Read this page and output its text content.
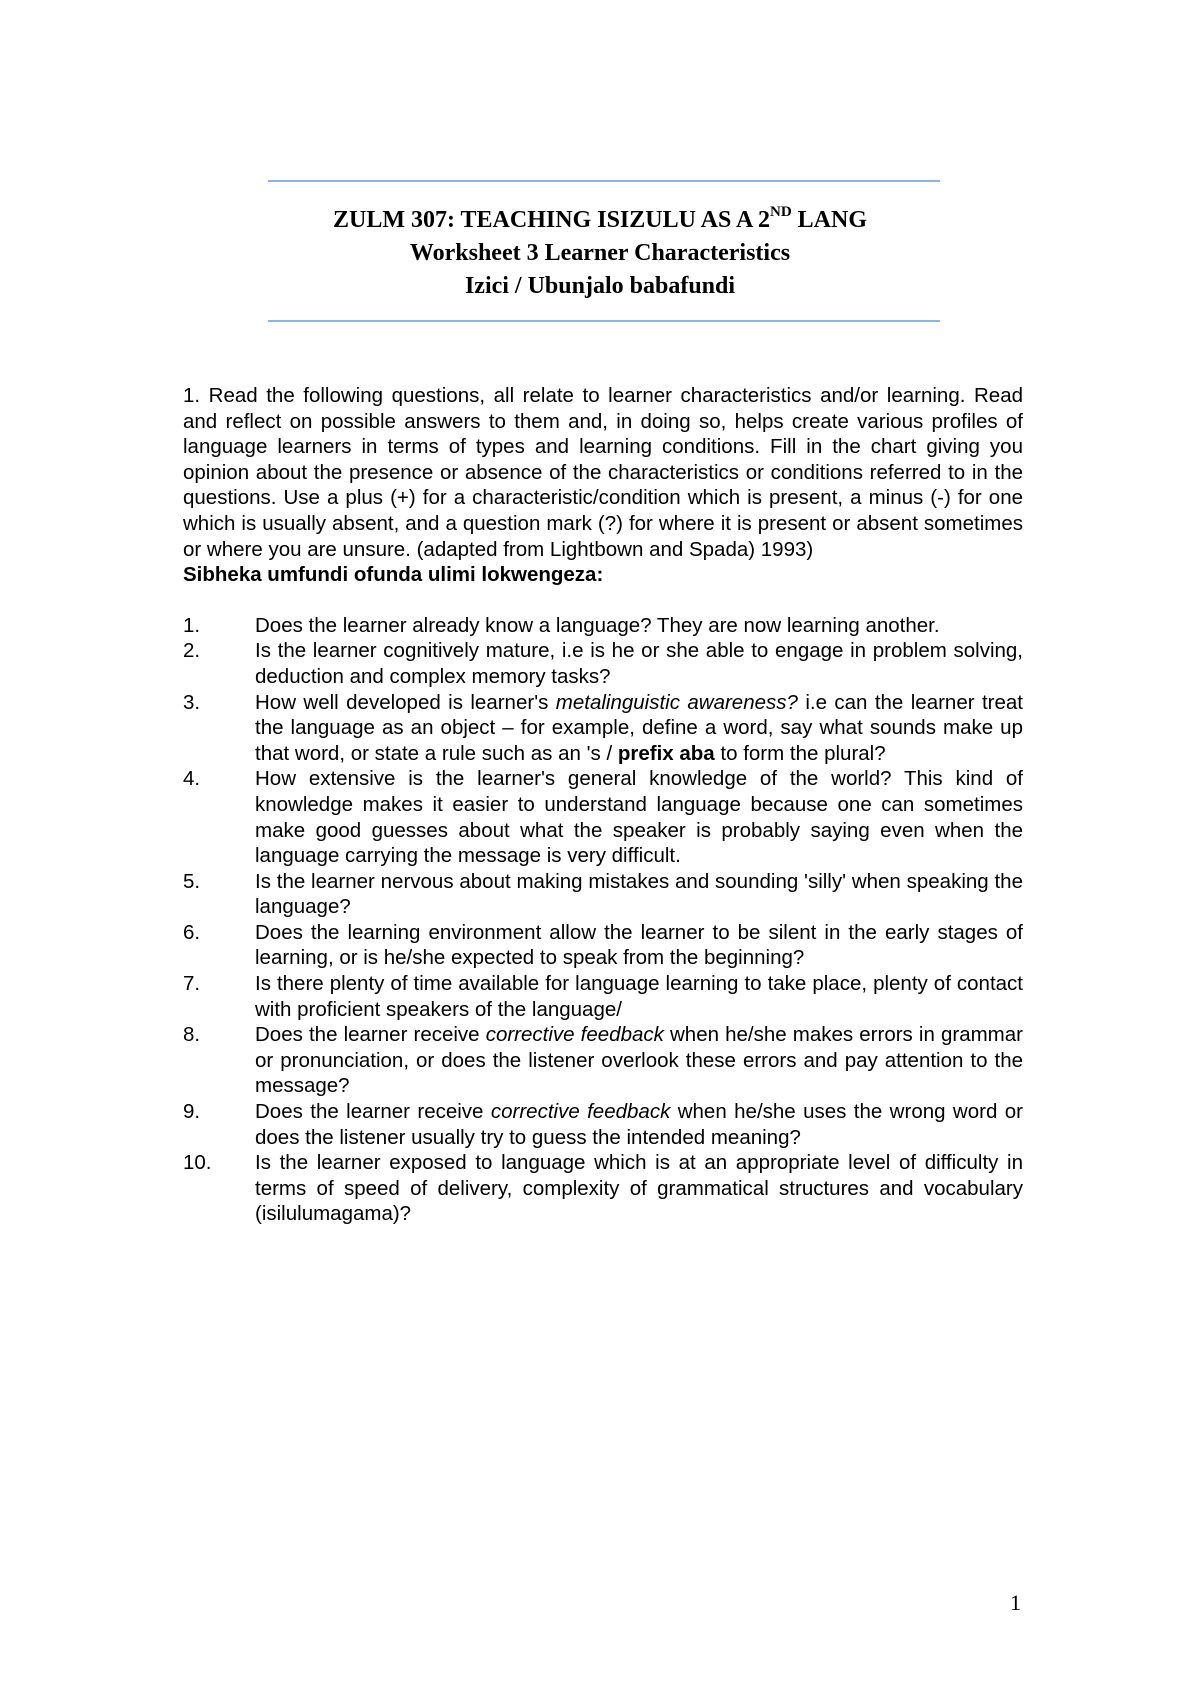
ZULM 307: TEACHING ISIZULU AS A 2ND LANG
Worksheet 3 Learner Characteristics
Izici / Ubunjalo babafundi

1. Read the following questions, all relate to learner characteristics and/or learning. Read and reflect on possible answers to them and, in doing so, helps create various profiles of language learners in terms of types and learning conditions. Fill in the chart giving you opinion about the presence or absence of the characteristics or conditions referred to in the questions. Use a plus (+) for a characteristic/condition which is present, a minus (-) for one which is usually absent, and a question mark (?) for where it is present or absent sometimes or where you are unsure. (adapted from Lightbown and Spada) 1993)

Sibheka umfundi ofunda ulimi lokwengeza:

1.	Does the learner already know a language? They are now learning another.
2.	Is the learner cognitively mature, i.e is he or she able to engage in problem solving, deduction and complex memory tasks?
3.	How well developed is learner's metalinguistic awareness? i.e can the learner treat the language as an object – for example, define a word, say what sounds make up that word, or state a rule such as an 's / prefix aba to form the plural?
4.	How extensive is the learner's general knowledge of the world? This kind of knowledge makes it easier to understand language because one can sometimes make good guesses about what the speaker is probably saying even when the language carrying the message is very difficult.
5.	Is the learner nervous about making mistakes and sounding 'silly' when speaking the language?
6.	Does the learning environment allow the learner to be silent in the early stages of learning, or is he/she expected to speak from the beginning?
7.	Is there plenty of time available for language learning to take place, plenty of contact with proficient speakers of the language/
8.	Does the learner receive corrective feedback when he/she makes errors in grammar or pronunciation, or does the listener overlook these errors and pay attention to the message?
9.	Does the learner receive corrective feedback when he/she uses the wrong word or does the listener usually try to guess the intended meaning?
10. Is the learner exposed to language which is at an appropriate level of difficulty in terms of speed of delivery, complexity of grammatical structures and vocabulary (isilulumagama)?
1
